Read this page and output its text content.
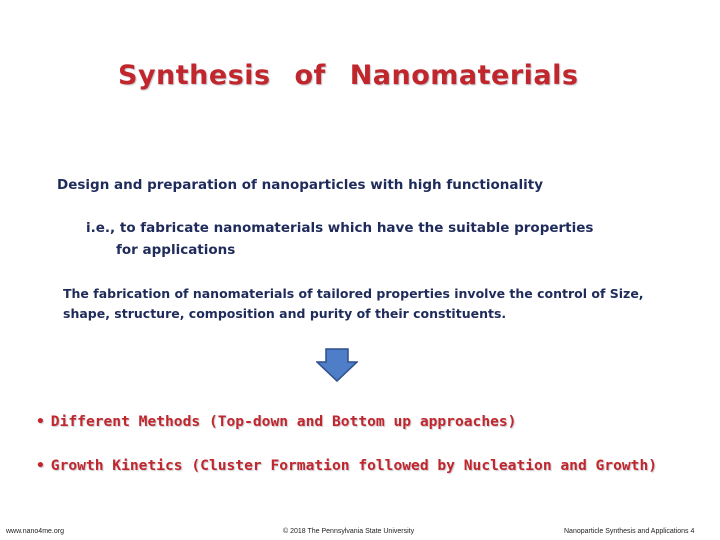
Synthesis of Nanomaterials
Design and preparation of nanoparticles with high functionality
i.e., to fabricate nanomaterials which have the suitable properties
for applications
The fabrication of nanomaterials of tailored properties involve the control of Size,
shape, structure, composition and purity of their constituents.
• Different Methods (Top-down and Bottom up approaches)
• Growth Kinetics (Cluster Formation followed by Nucleation and Growth)
www.nano4me.org	© 2018 The Pennsylvania State University	Nanoparticle Synthesis and Applications 4
